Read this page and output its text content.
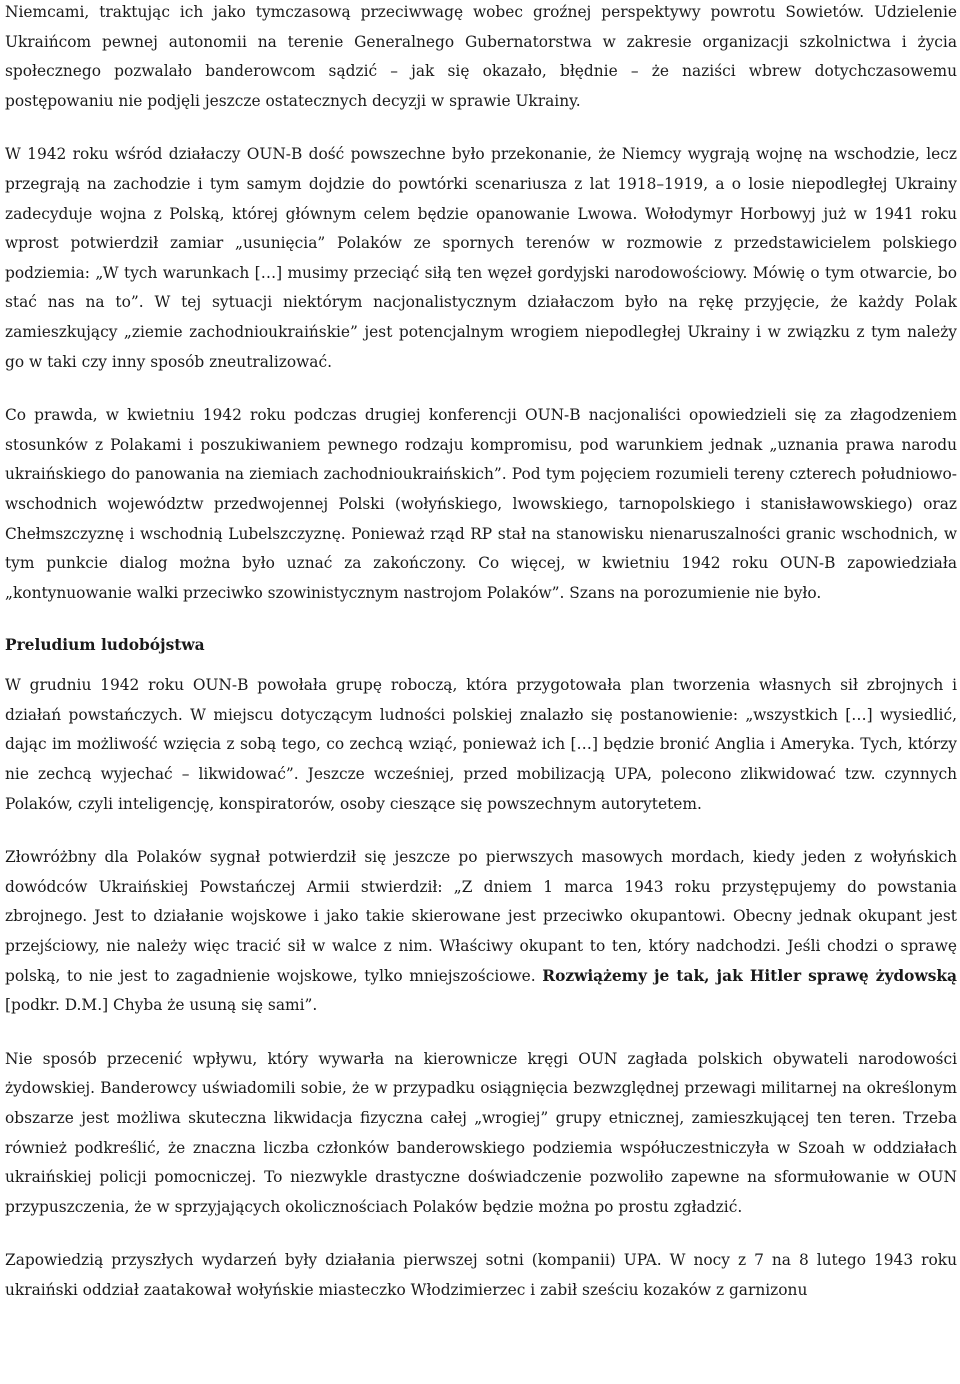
Niemcami, traktując ich jako tymczasową przeciwwagę wobec groźnej perspektywy powrotu Sowietów. Udzielenie Ukraińcom pewnej autonomii na terenie Generalnego Gubernatorstwa w zakresie organizacji szkolnictwa i życia społecznego pozwalało banderowcom sądzić – jak się okazało, błędnie – że naziści wbrew dotychczasowemu postępowaniu nie podjęli jeszcze ostatecznych decyzji w sprawie Ukrainy.

W 1942 roku wśród działaczy OUN-B dość powszechne było przekonanie, że Niemcy wygrają wojnę na wschodzie, lecz przegrają na zachodzie i tym samym dojdzie do powtórki scenariusza z lat 1918–1919, a o losie niepodległej Ukrainy zadecyduje wojna z Polską, której głównym celem będzie opanowanie Lwowa. Wołodymyr Horbowyj już w 1941 roku wprost potwierdził zamiar „usunięcia” Polaków ze spornych terenów w rozmowie z przedstawicielem polskiego podziemia: „W tych warunkach […] musimy przeciąć siłą ten węzeł gordyjski narodowościowy. Mówię o tym otwarcie, bo stać nas na to”. W tej sytuacji niektórym nacjonalistycznym działaczom było na rękę przyjęcie, że każdy Polak zamieszkujący „ziemie zachodnioukraińskie” jest potencjalnym wrogiem niepodległej Ukrainy i w związku z tym należy go w taki czy inny sposób zneutralizować.

Co prawda, w kwietniu 1942 roku podczas drugiej konferencji OUN-B nacjonaliści opowiedzieli się za złagodzeniem stosunków z Polakami i poszukiwaniem pewnego rodzaju kompromisu, pod warunkiem jednak „uznania prawa narodu ukraińskiego do panowania na ziemiach zachodnioukraińskich”. Pod tym pojęciem rozumieli tereny czterech południowo-wschodnich województw przedwojennej Polski (wołyńskiego, lwowskiego, tarnopolskiego i stanisławowskiego) oraz Chełmszczyznę i wschodnią Lubelszczyznę. Ponieważ rząd RP stał na stanowisku nienaruszalności granic wschodnich, w tym punkcie dialog można było uznać za zakończony. Co więcej, w kwietniu 1942 roku OUN-B zapowiedziała „kontynuowanie walki przeciwko szowinistycznym nastrojom Polaków”. Szans na porozumienie nie było.

Preludium ludobójstwa

W grudniu 1942 roku OUN-B powołała grupę roboczą, która przygotowała plan tworzenia własnych sił zbrojnych i działań powstańczych. W miejscu dotyczącym ludności polskiej znalazło się postanowienie: „wszystkich […] wysiedlić, dając im możliwość wzięcia z sobą tego, co zechcą wziąć, ponieważ ich […] będzie bronić Anglia i Ameryka. Tych, którzy nie zechcą wyjechać – likwidować”. Jeszcze wcześniej, przed mobilizacją UPA, polecono zlikwidować tzw. czynnych Polaków, czyli inteligencję, konspiratorów, osoby cieszące się powszechnym autorytetem.

Złowróżbny dla Polaków sygnał potwierdził się jeszcze po pierwszych masowych mordach, kiedy jeden z wołyńskich dowódców Ukraińskiej Powstańczej Armii stwierdził: „Z dniem 1 marca 1943 roku przystępujemy do powstania zbrojnego. Jest to działanie wojskowe i jako takie skierowane jest przeciwko okupantowi. Obecny jednak okupant jest przejściowy, nie należy więc tracić sił w walce z nim. Właściwy okupant to ten, który nadchodzi. Jeśli chodzi o sprawę polską, to nie jest to zagadnienie wojskowe, tylko mniejszościowe. Rozwiążemy je tak, jak Hitler sprawę żydowską [podkr. D.M.] Chyba że usuną się sami”.

Nie sposób przecenić wpływu, który wywarła na kierownicze kręgi OUN zagłada polskich obywateli narodowości żydowskiej. Banderowcy uświadomili sobie, że w przypadku osiągnięcia bezwzględnej przewagi militarnej na określonym obszarze jest możliwa skuteczna likwidacja fizyczna całej „wrogiej” grupy etnicznej, zamieszkującej ten teren. Trzeba również podkreślić, że znaczna liczba członków banderowskiego podziemia współuczestniczyła w Szoah w oddziałach ukraińskiej policji pomocniczej. To niezwykle drastyczne doświadczenie pozwoliło zapewne na sformułowanie w OUN przypuszczenia, że w sprzyjających okolicznościach Polaków będzie można po prostu zgładzić.

Zapowiedzią przyszłych wydarzeń były działania pierwszej sotni (kompanii) UPA. W nocy z 7 na 8 lutego 1943 roku ukraiński oddział zaatakował wołyńskie miasteczko Włodzimierzec i zabił sześciu kozaków z garnizonu
